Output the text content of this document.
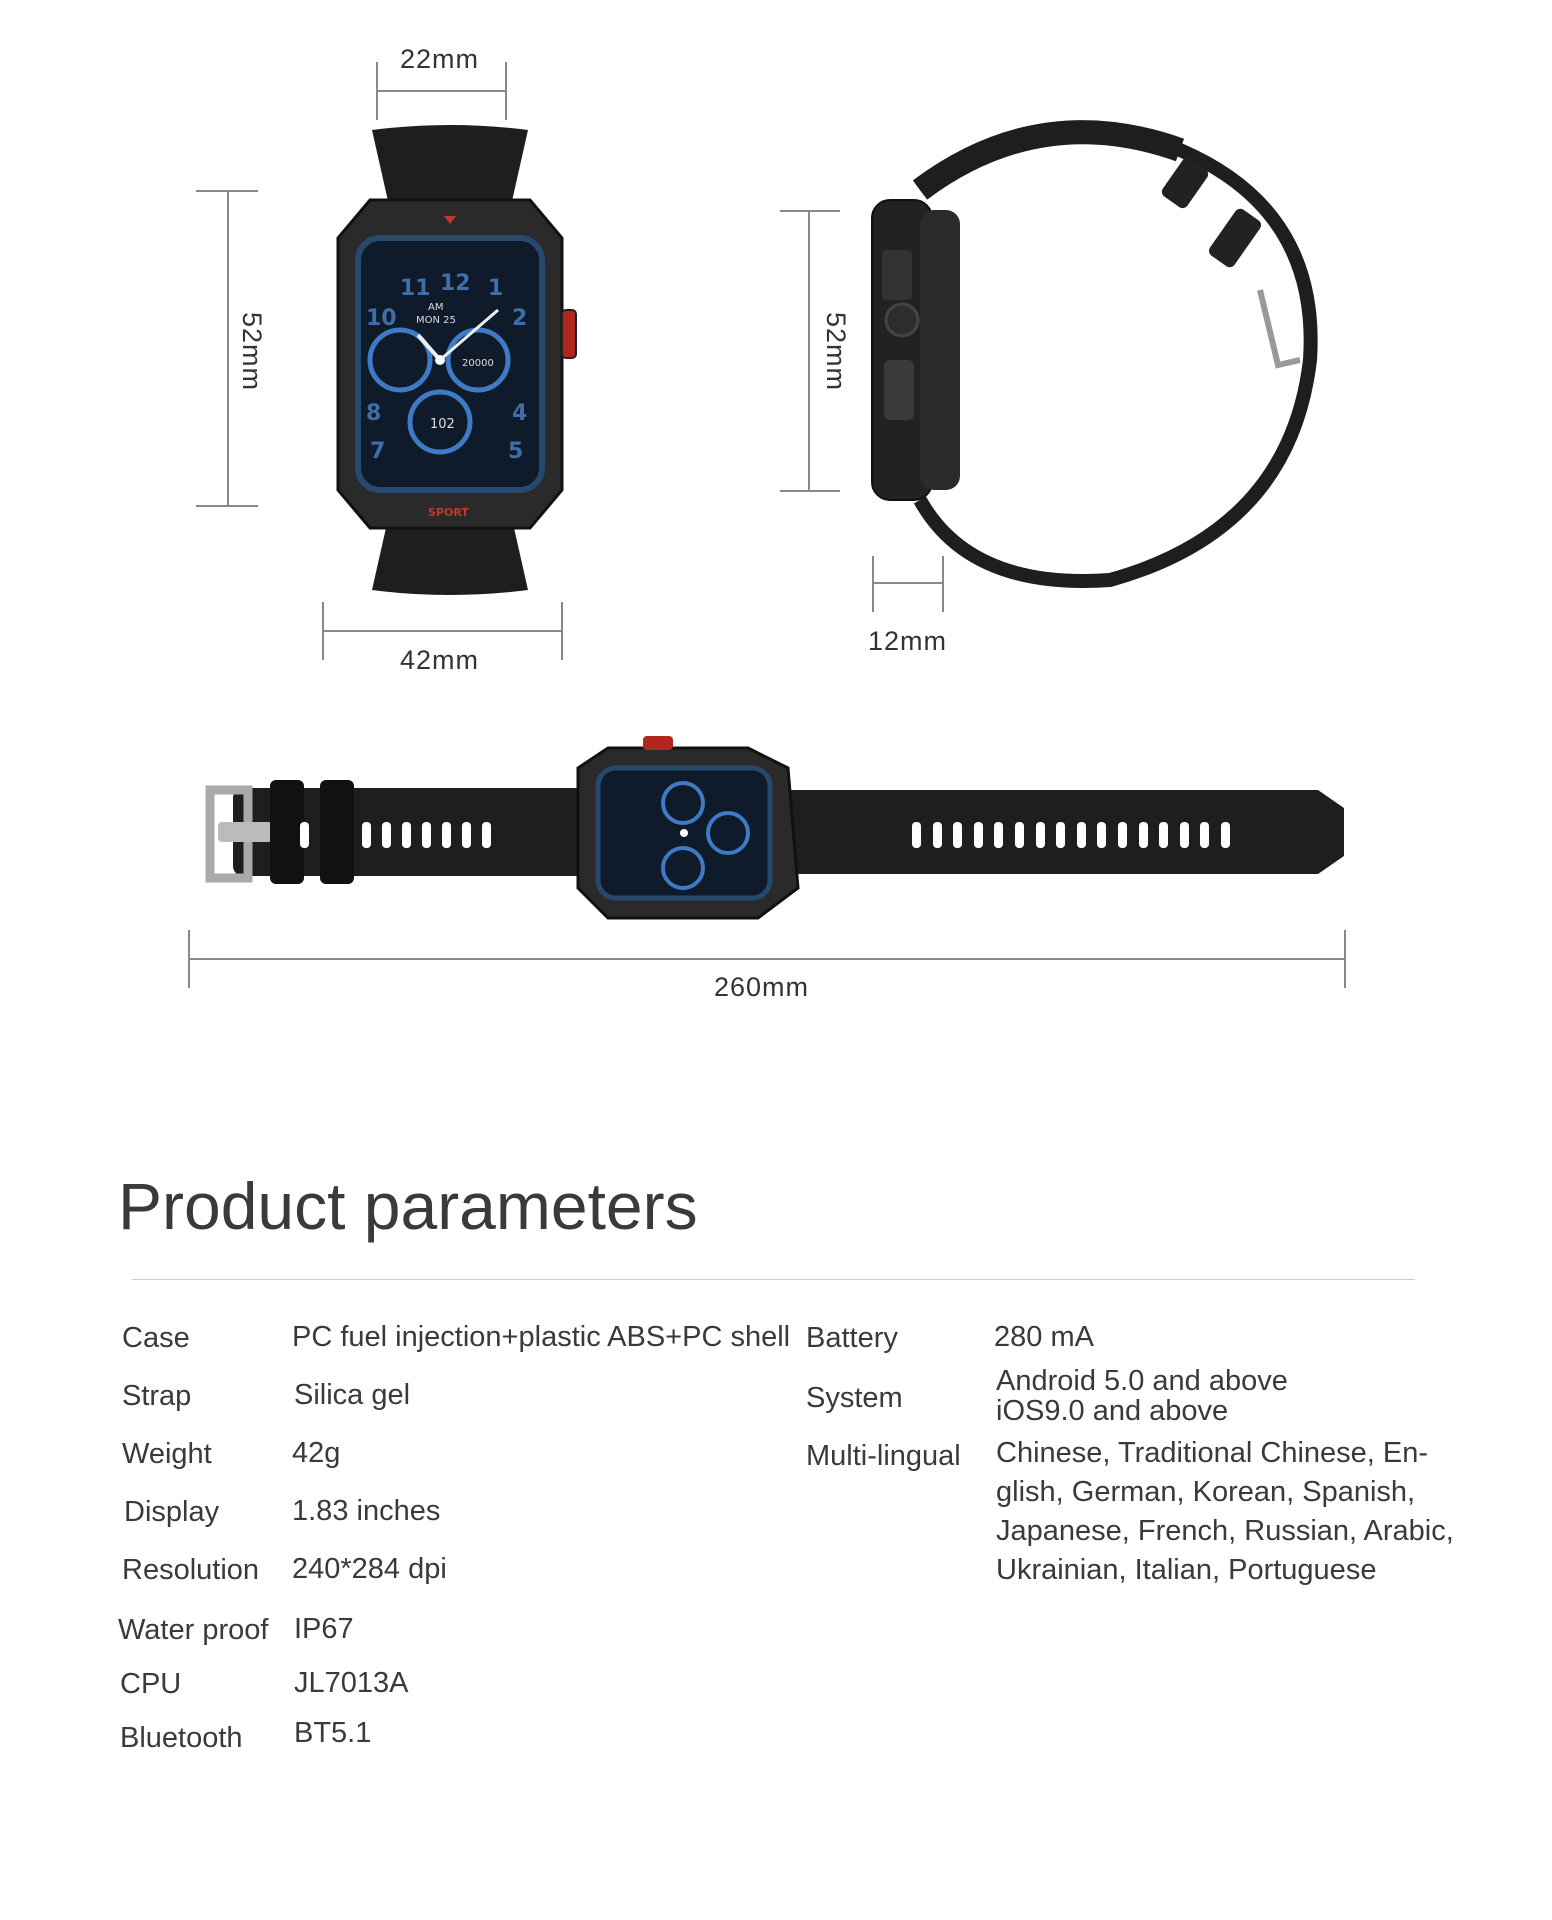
22mm
52mm
42mm
11 12 1
10	2
8	4
7	5
AM
MON 25
20000
102
SPORT
52mm
12mm
260mm
Product parameters
Case	PC fuel injection+plastic ABS+PC shell
Strap	Silica gel
Weight	42g
Display	1.83 inches
Resolution 240*284 dpi
Water proof IP67
CPU	JL7013A
Bluetooth BT5.1
Battery	280 mA
System
Android 5.0 and above
iOS9.0 and above
Multi-lingual Chinese, Traditional Chinese, En-
glish, German, Korean, Spanish,
Japanese, French, Russian, Arabic,
Ukrainian, Italian, Portuguese
